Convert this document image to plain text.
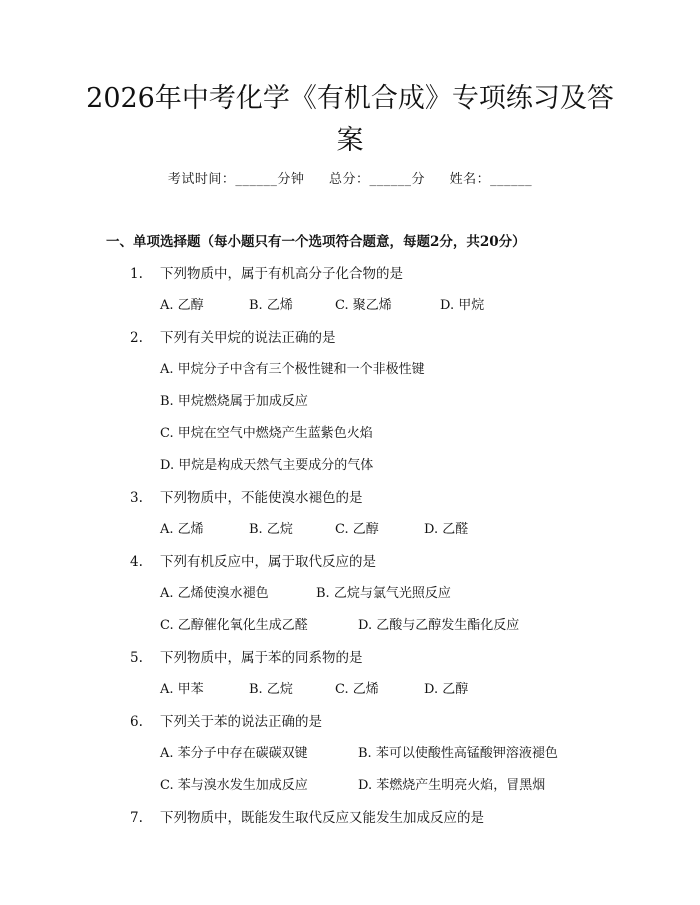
2026年中考化学《有机合成》专项练习及答
案
考试时间：______分钟 总分：______分 姓名：______
一、单项选择题（每小题只有一个选项符合题意，每题2分，共20分）
1. 下列物质中，属于有机高分子化合物的是
A. 乙醇	B. 乙烯	C. 聚乙烯	D. 甲烷
2. 下列有关甲烷的说法正确的是
A. 甲烷分子中含有三个极性键和一个非极性键
B. 甲烷燃烧属于加成反应
C. 甲烷在空气中燃烧产生蓝紫色火焰
D. 甲烷是构成天然气主要成分的气体
3. 下列物质中，不能使溴水褪色的是
A. 乙烯	B. 乙烷	C. 乙醇	D. 乙醛
4. 下列有机反应中，属于取代反应的是
A. 乙烯使溴水褪色	B. 乙烷与氯气光照反应
C. 乙醇催化氧化生成乙醛	D. 乙酸与乙醇发生酯化反应
5. 下列物质中，属于苯的同系物的是
A. 甲苯	B. 乙烷	C. 乙烯	D. 乙醇
6. 下列关于苯的说法正确的是
A. 苯分子中存在碳碳双键	B. 苯可以使酸性高锰酸钾溶液褪色
C. 苯与溴水发生加成反应	D. 苯燃烧产生明亮火焰，冒黑烟
7. 下列物质中，既能发生取代反应又能发生加成反应的是
